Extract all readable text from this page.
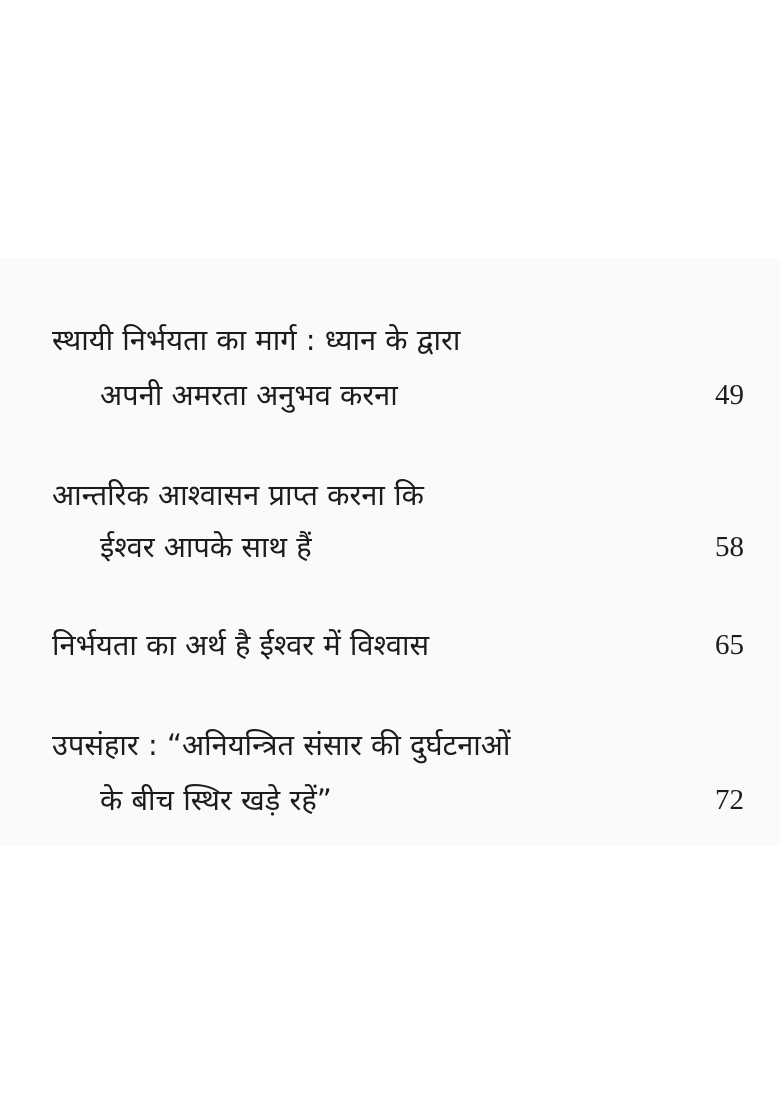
स्थायी निर्भयता का मार्ग : ध्यान के द्वारा
अपनी अमरता अनुभव करना	49
आन्तरिक आश्वासन प्राप्त करना कि
ईश्वर आपके साथ हैं	58
निर्भयता का अर्थ है ईश्वर में विश्वास	65
उपसंहार : “अनियन्त्रित संसार की दुर्घटनाओं
के बीच स्थिर खड़े रहें”	72
